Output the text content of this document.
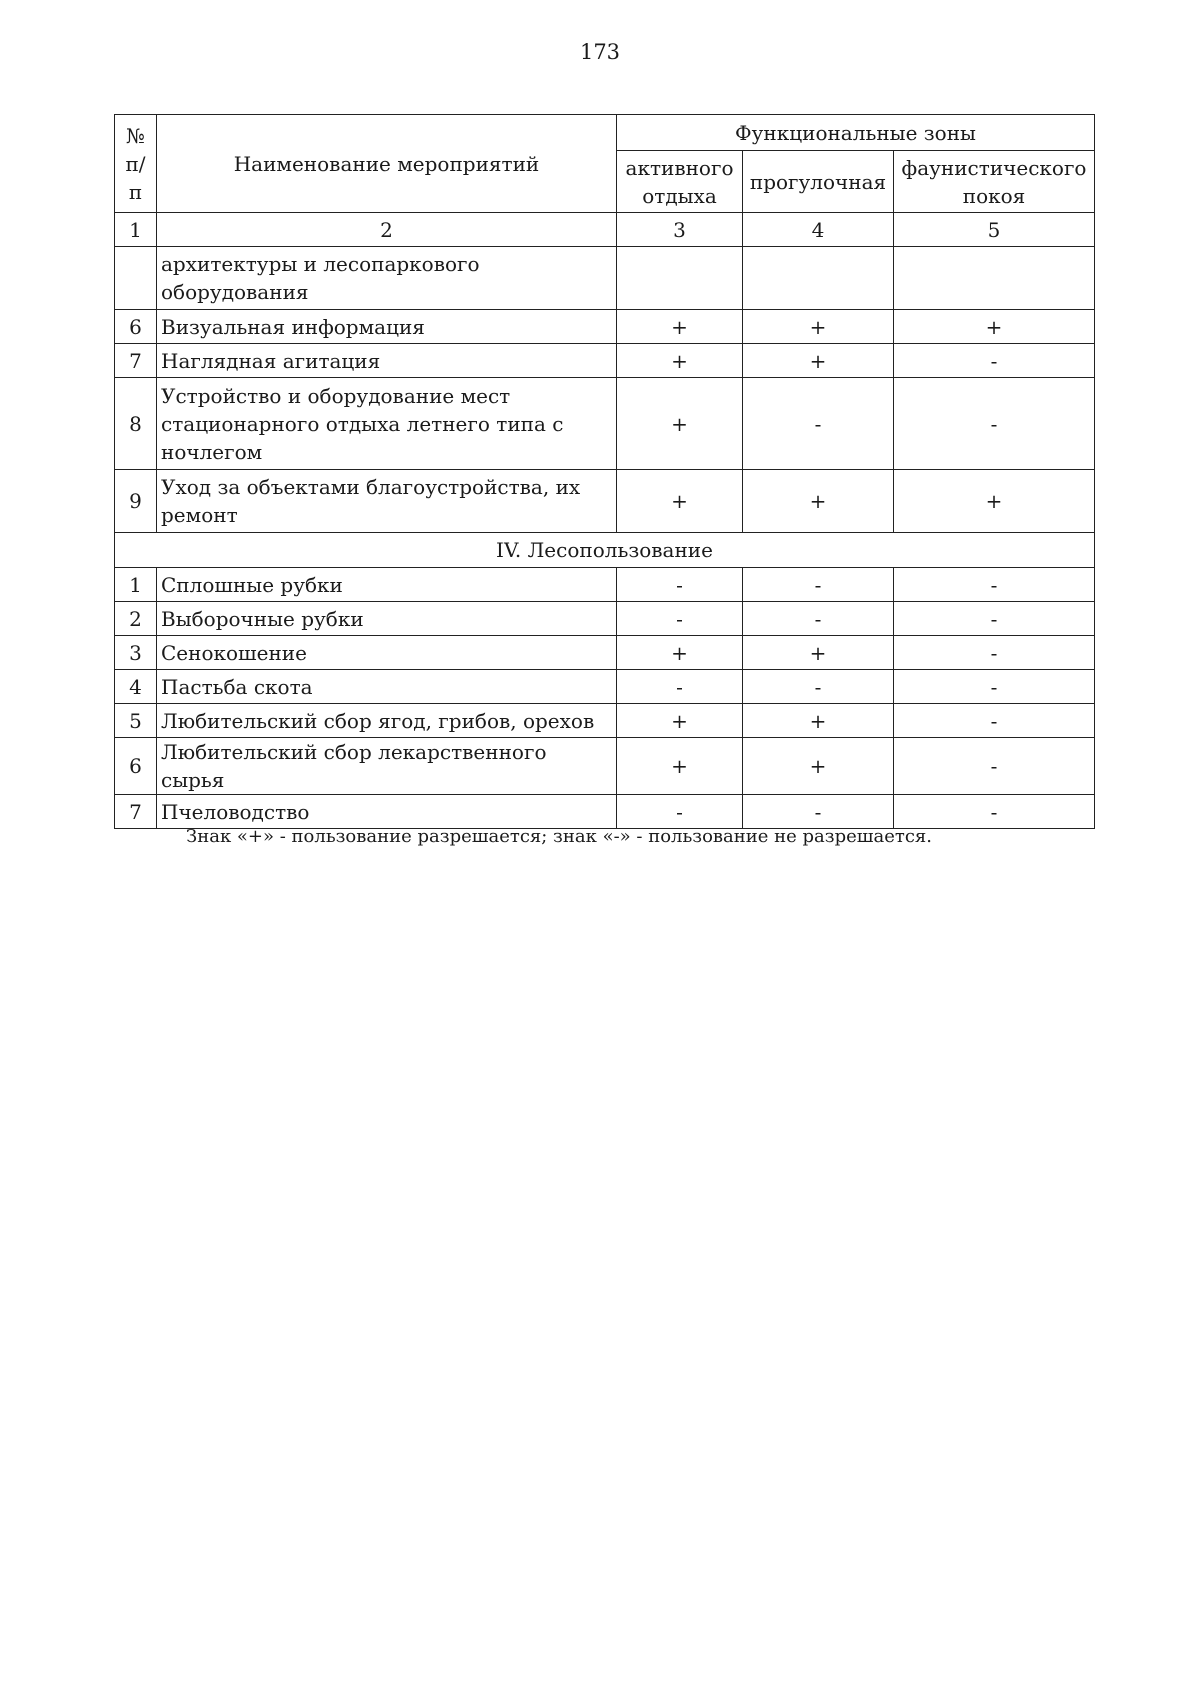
173
№ п/п	Наименование мероприятий	Функциональные зоны		
		активного отдыха	прогулочная	фаунистического покоя
1	2	3	4	5
	архитектуры и лесопаркового оборудования			
6	Визуальная информация	+	+	+
7	Наглядная агитация	+	+	-
8	Устройство и оборудование мест стационарного отдыха летнего типа с ночлегом	+	-	-
9	Уход за объектами благоустройства, их ремонт	+	+	+
IV. Лесопользование				
1	Сплошные рубки	-	-	-
2	Выборочные рубки	-	-	-
3	Сенокошение	+	+	-
4	Пастьба скота	-	-	-
5	Любительский сбор ягод, грибов, орехов	+	+	-
6	Любительский сбор лекарственного сырья	+	+	-
7	Пчеловодство	-	-	-
Знак «+» - пользование разрешается; знак «-» - пользование не разрешается.
